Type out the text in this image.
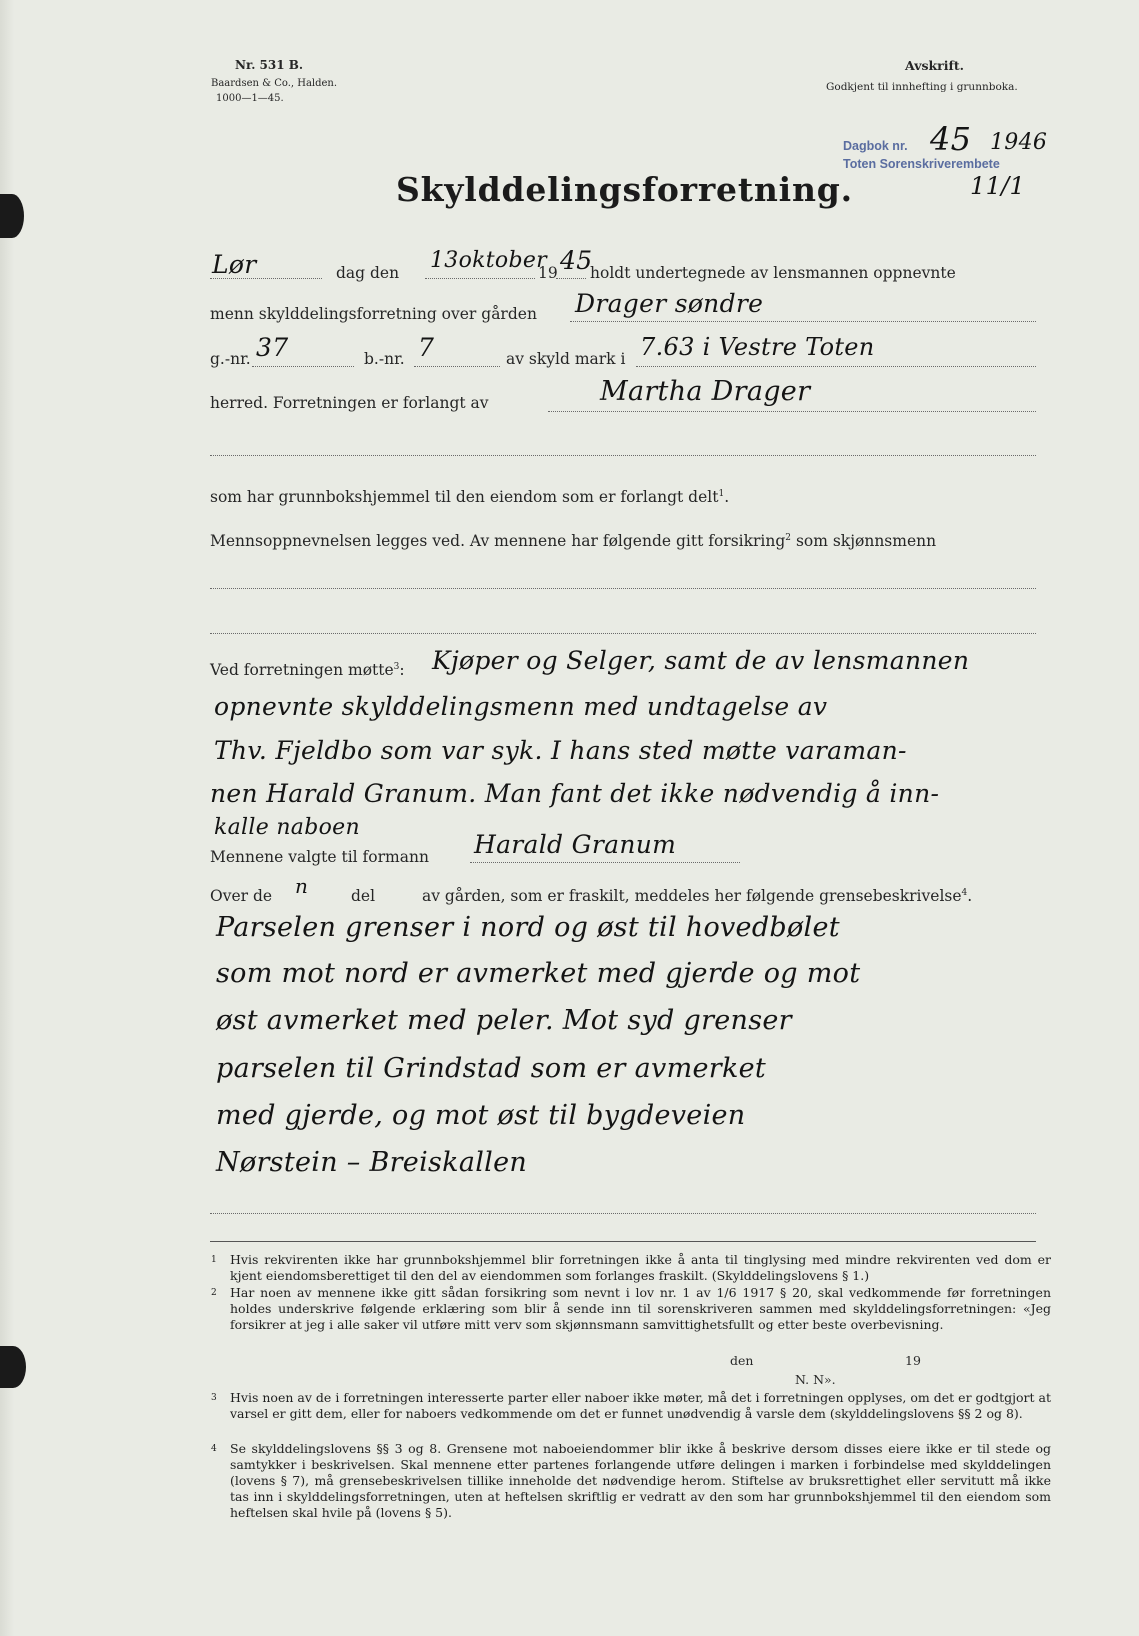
Nr. 531 B.
Baardsen & Co., Halden.
1000—1—45.
Avskrift.
Godkjent til innhefting i grunnboka.
Dagbok nr. 45 1946
Toten Sorenskriverembete
11/1
Skylddelingsforretning.
Lør	dag den 13oktober
19 45
holdt undertegnede av lensmannen oppnevnte
menn skylddelingsforretning over gården Drager søndre
g.-nr. 37	b.-nr. 7	av skyld mark i 7.63 i Vestre Toten
herred. Forretningen er forlangt av	Martha Drager
som har grunnbokshjemmel til den eiendom som er forlangt delt$^1$.
Mennsoppnevnelsen legges ved. Av mennene har følgende gitt forsikring$^2$ som skjønnsmenn
Ved forretningen møtte$^3$: Kjøper og Selger, samt de av lensmannen
opnevnte skylddelingsmenn med undtagelse av
Thv. Fjeldbo som var syk. I hans sted møtte varaman-
nen Harald Granum. Man fant det ikke nødvendig å inn-
kalle naboen
Mennene valgte til formann Harald Granum
Over de n	del	av gården, som er fraskilt, meddeles her følgende grensebeskrivelse$^4$.
Parselen grenser i nord og øst til hovedbølet
som mot nord er avmerket med gjerde og mot
øst avmerket med peler. Mot syd grenser
parselen til Grindstad som er avmerket
med gjerde, og mot øst til bygdeveien
Nørstein – Breiskallen
1	Hvis rekvirenten ikke har grunnbokshjemmel blir forretningen ikke å anta til tinglysing med mindre rekvirenten ved dom er kjent eiendomsberettiget til den del av eiendommen som forlanges fraskilt. (Skylddelingslovens § 1.)
2	Har noen av mennene ikke gitt sådan forsikring som nevnt i lov nr. 1 av 1/6 1917 § 20, skal vedkommende før forretningen holdes underskrive følgende erklæring som blir å sende inn til sorenskriveren sammen med skylddelingsforretningen: «Jeg forsikrer at jeg i alle saker vil utføre mitt verv som skjønnsmann samvittighetsfullt og etter beste overbevisning.
den	19
N. N».
3	Hvis noen av de i forretningen interesserte parter eller naboer ikke møter, må det i forretningen opplyses, om det er godtgjort at varsel er gitt dem, eller for naboers vedkommende om det er funnet unødvendig å varsle dem (skylddelingslovens §§ 2 og 8).
4	Se skylddelingslovens §§ 3 og 8. Grensene mot naboeiendommer blir ikke å beskrive dersom disses eiere ikke er til stede og samtykker i beskrivelsen. Skal mennene etter partenes forlangende utføre delingen i marken i forbindelse med skylddelingen (lovens § 7), må grensebeskrivelsen tillike inneholde det nødvendige herom. Stiftelse av bruksrettighet eller servitutt må ikke tas inn i skylddelingsforretningen, uten at heftelsen skriftlig er vedratt av den som har grunnbokshjemmel til den eiendom som heftelsen skal hvile på (lovens § 5).
